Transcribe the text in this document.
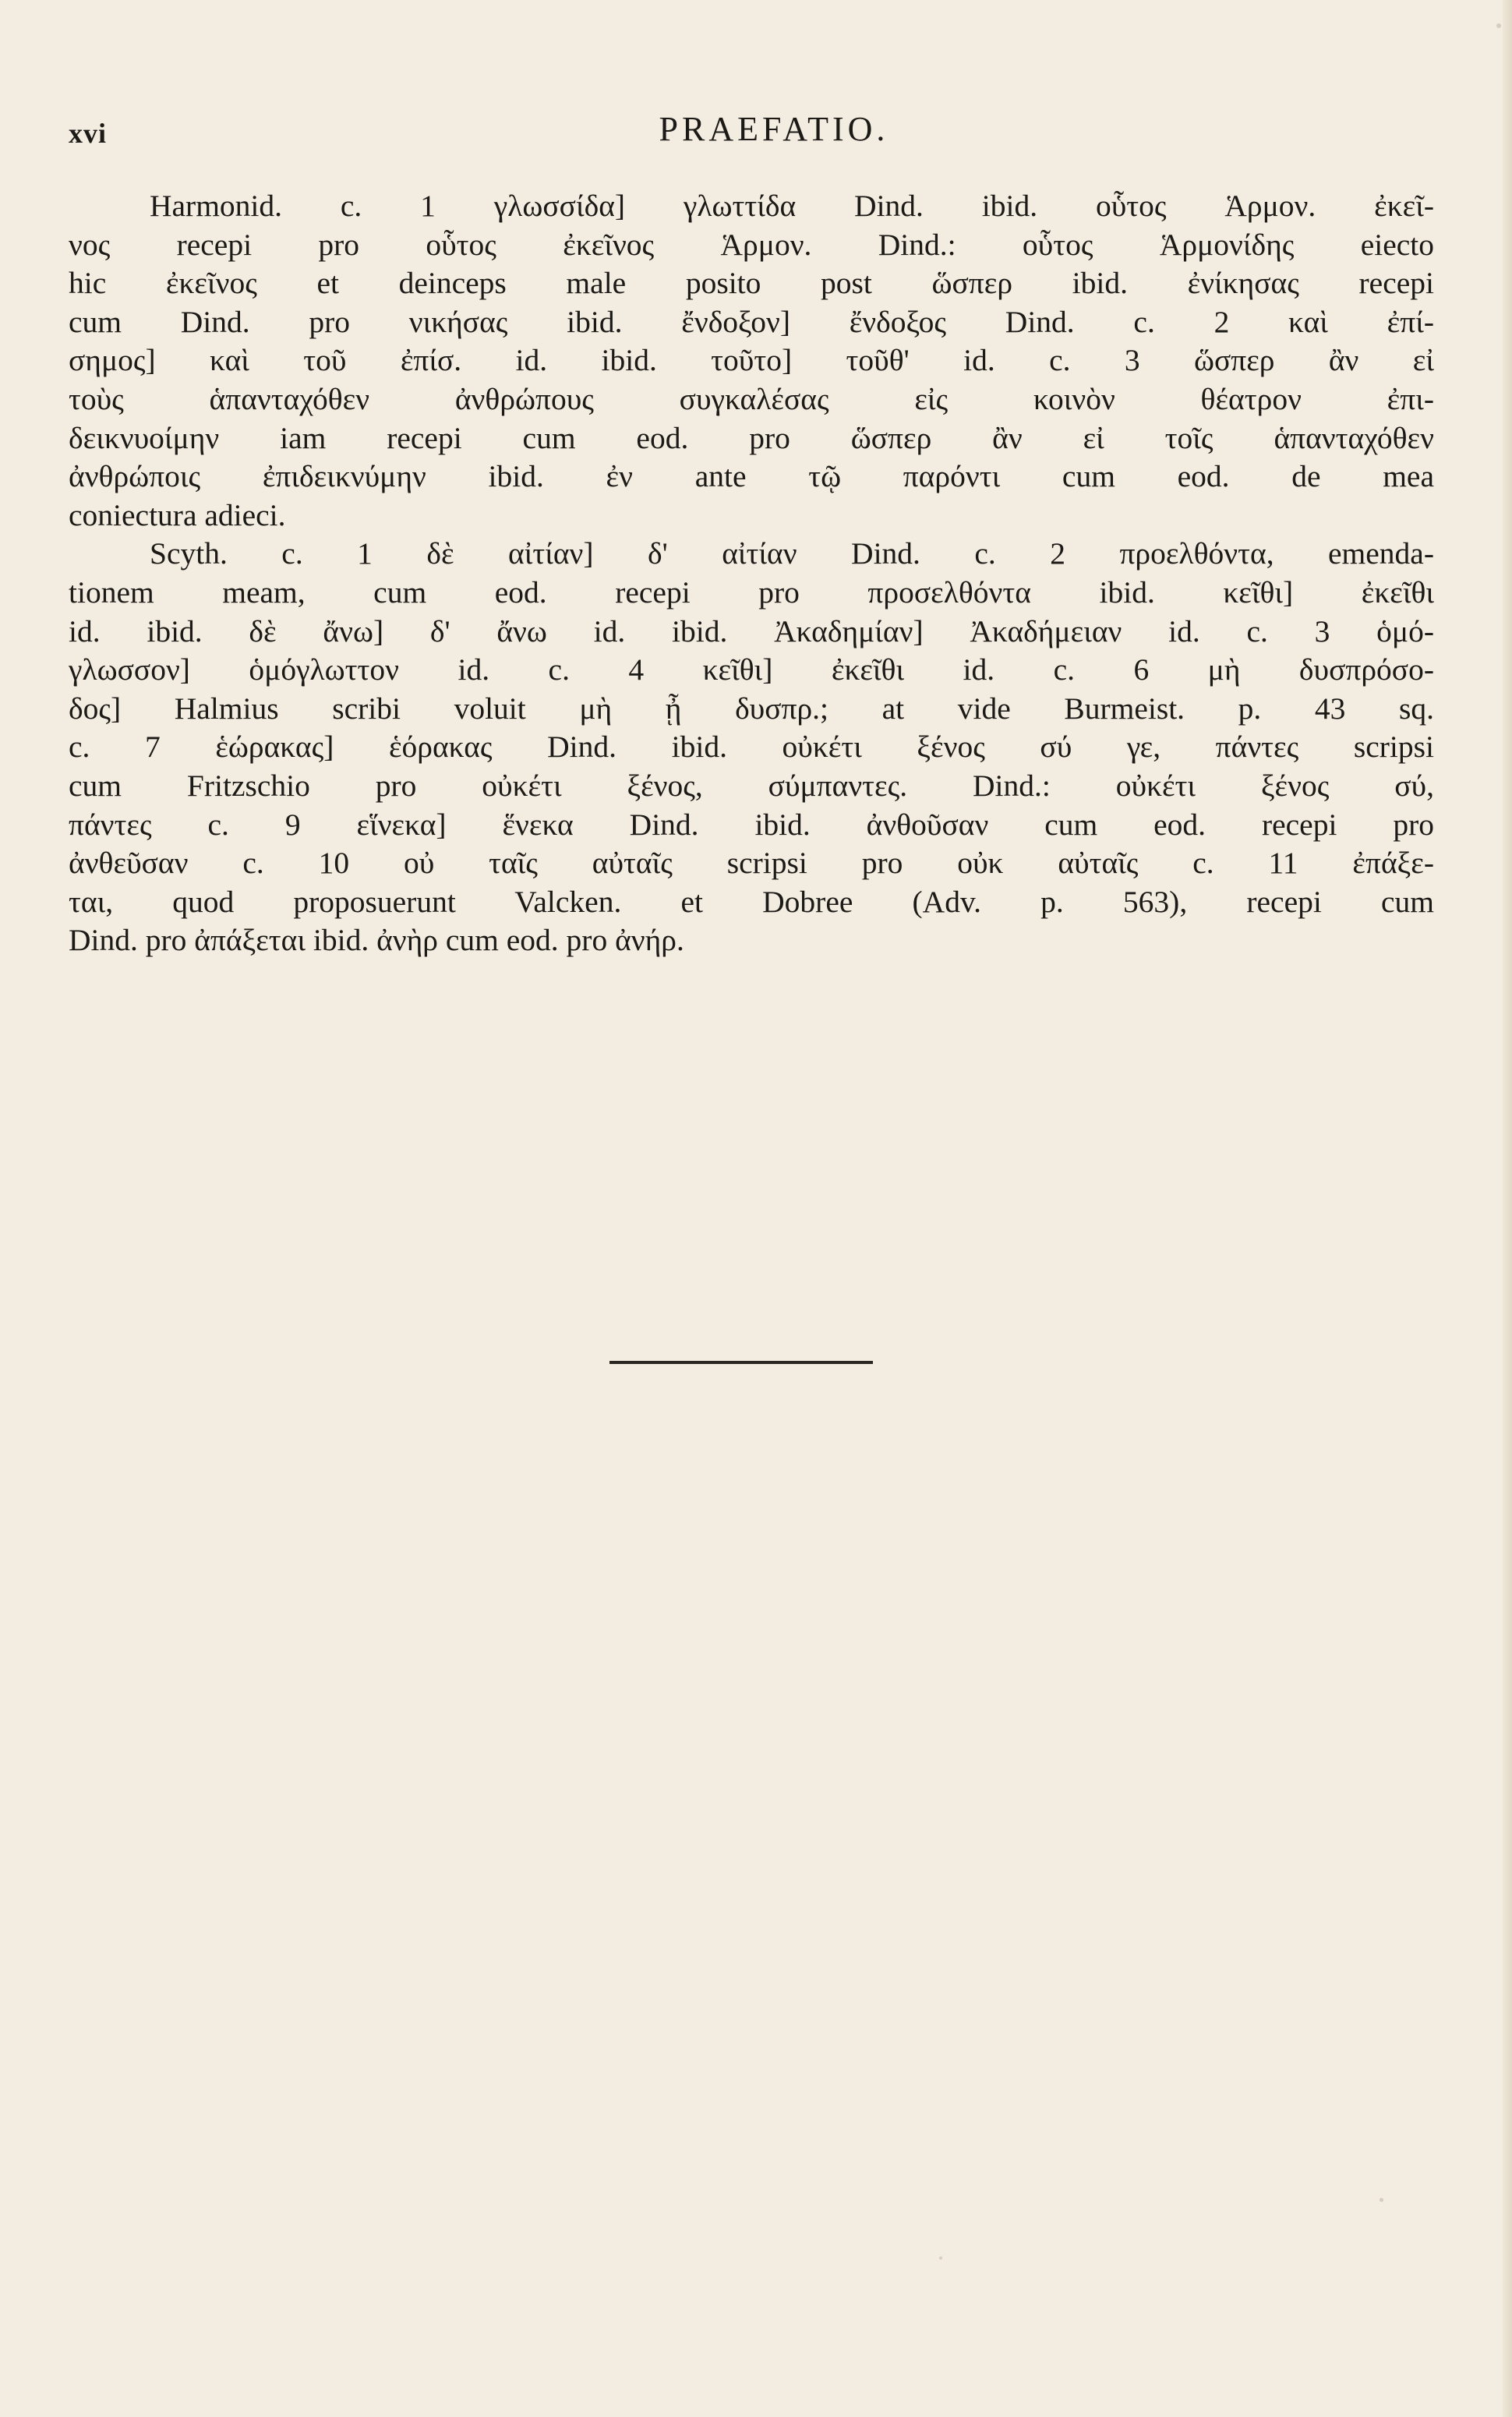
xvi	PRAEFATIO.
Harmonid. c. 1 γλωσσίδα] γλωττίδα Dind. ibid. οὗτος Ἁρμον. ἐκεῖ-
νος recepi pro οὗτος ἐκεῖνος Ἁρμον. Dind.: οὗτος Ἁρμονίδης eiecto
hic ἐκεῖνος et deinceps male posito post ὥσπερ ibid. ἐνίκησας recepi
cum Dind. pro νικήσας ibid. ἔνδοξον] ἔνδοξος Dind. c. 2 καὶ ἐπί-
σημος] καὶ τοῦ ἐπίσ. id. ibid. τοῦτο] τοῦθ' id. c. 3 ὥσπερ ἂν εἰ
τοὺς ἁπανταχόθεν ἀνθρώπους συγκαλέσας εἰς κοινὸν θέατρον ἐπι-
δεικνυοίμην iam recepi cum eod. pro ὥσπερ ἂν εἰ τοῖς ἁπανταχόθεν
ἀνθρώποις ἐπιδεικνύμην ibid. ἐν ante τῷ παρόντι cum eod. de mea
coniectura adieci.
Scyth. c. 1 δὲ αἰτίαν] δ' αἰτίαν Dind. c. 2 προελθόντα, emenda-
tionem meam, cum eod. recepi pro προσελθόντα ibid. κεῖθι] ἐκεῖθι
id. ibid. δὲ ἄνω] δ' ἄνω id. ibid. Ἀκαδημίαν] Ἀκαδήμειαν id. c. 3 ὁμό-
γλωσσον] ὁμόγλωττον id. c. 4 κεῖθι] ἐκεῖθι id. c. 6 μὴ δυσπρόσο-
δος] Halmius scribi voluit μὴ ᾖ δυσπρ.; at vide Burmeist. p. 43 sq.
c. 7 ἑώρακας] ἑόρακας Dind. ibid. οὐκέτι ξένος σύ γε, πάντες scripsi
cum Fritzschio pro οὐκέτι ξένος, σύμπαντες. Dind.: οὐκέτι ξένος σύ,
πάντες c. 9 εἵνεκα] ἕνεκα Dind. ibid. ἀνθοῦσαν cum eod. recepi pro
ἀνθεῦσαν c. 10 οὐ ταῖς αὐταῖς scripsi pro οὐκ αὐταῖς c. 11 ἐπάξε-
ται, quod proposuerunt Valcken. et Dobree (Adv. p. 563), recepi cum
Dind. pro ἀπάξεται ibid. ἀνὴρ cum eod. pro ἀνήρ.
